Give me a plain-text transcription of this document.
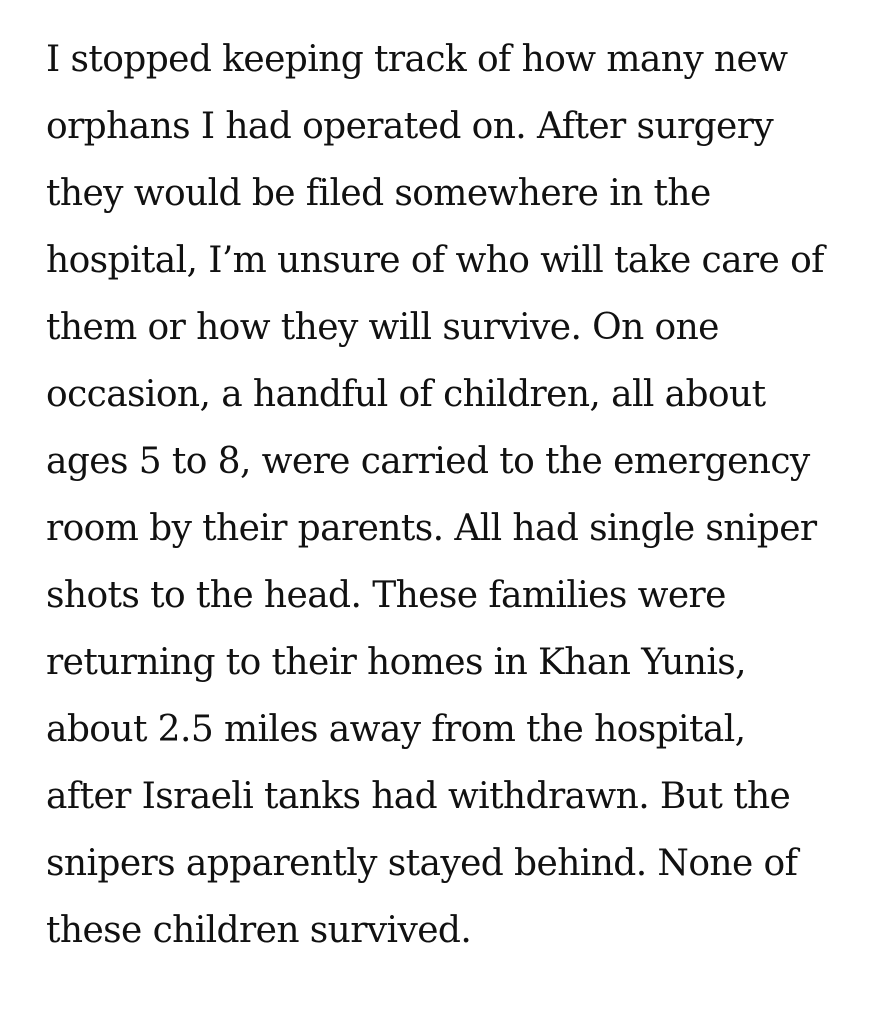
I stopped keeping track of how many new
orphans I had operated on. After surgery
they would be filed somewhere in the
hospital, I’m unsure of who will take care of
them or how they will survive. On one
occasion, a handful of children, all about
ages 5 to 8, were carried to the emergency
room by their parents. All had single sniper
shots to the head. These families were
returning to their homes in Khan Yunis,
about 2.5 miles away from the hospital,
after Israeli tanks had withdrawn. But the
snipers apparently stayed behind. None of
these children survived.
